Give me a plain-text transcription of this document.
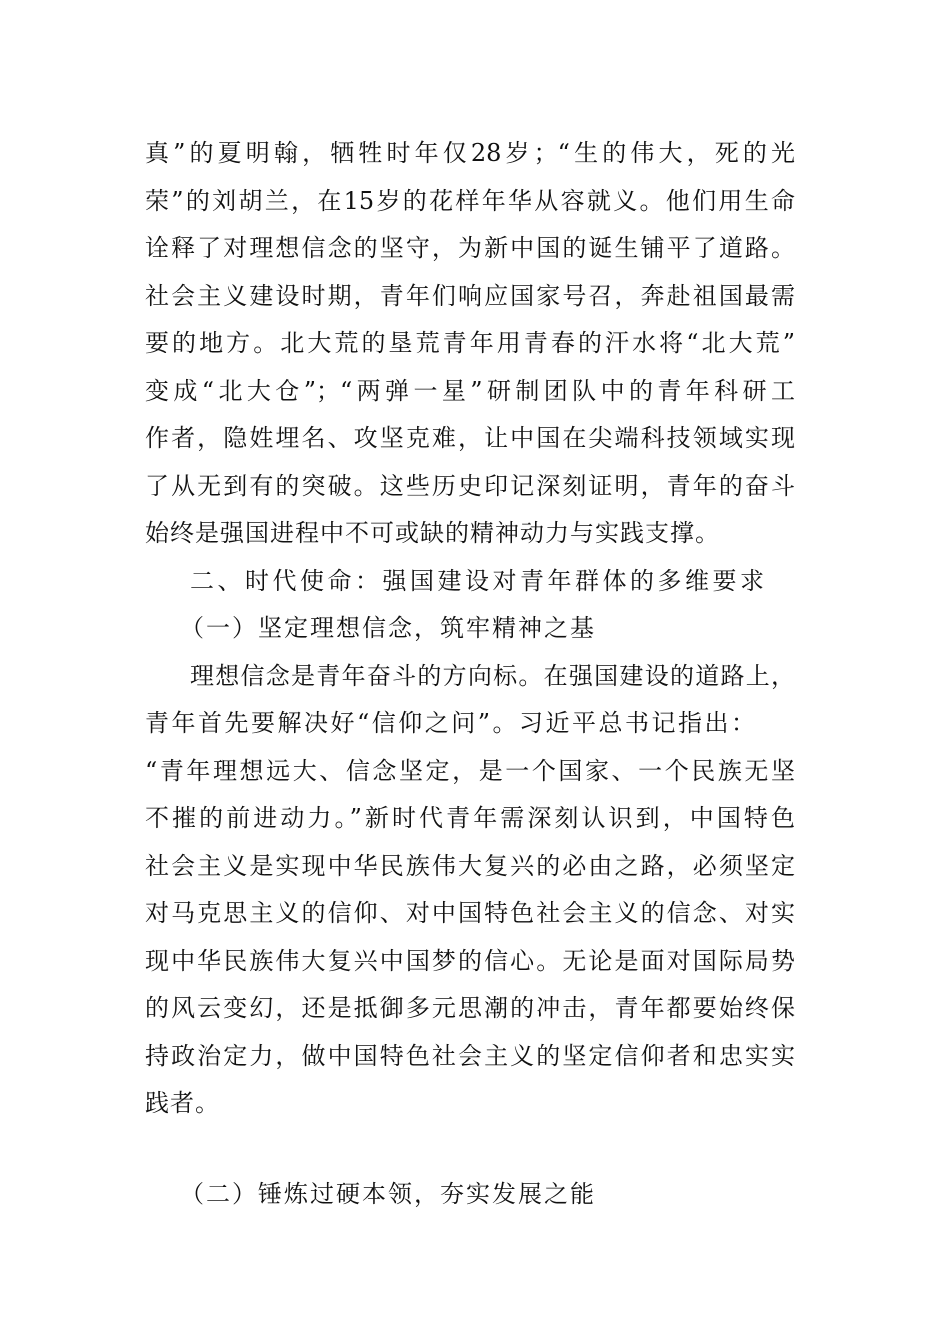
真”的夏明翰，牺牲时年仅28岁；“生的伟大，死的光
荣”的刘胡兰，在15岁的花样年华从容就义。他们用生命
诠释了对理想信念的坚守，为新中国的诞生铺平了道路。
社会主义建设时期，青年们响应国家号召，奔赴祖国最需
要的地方。北大荒的垦荒青年用青春的汗水将“北大荒”
变成“北大仓”；“两弹一星”研制团队中的青年科研工
作者，隐姓埋名、攻坚克难，让中国在尖端科技领域实现
了从无到有的突破。这些历史印记深刻证明，青年的奋斗
始终是强国进程中不可或缺的精神动力与实践支撑。
二、时代使命：强国建设对青年群体的多维要求
（一）坚定理想信念，筑牢精神之基
理想信念是青年奋斗的方向标。在强国建设的道路上，
青年首先要解决好“信仰之问”。习近平总书记指出：
“青年理想远大、信念坚定，是一个国家、一个民族无坚
不摧的前进动力。”新时代青年需深刻认识到，中国特色
社会主义是实现中华民族伟大复兴的必由之路，必须坚定
对马克思主义的信仰、对中国特色社会主义的信念、对实
现中华民族伟大复兴中国梦的信心。无论是面对国际局势
的风云变幻，还是抵御多元思潮的冲击，青年都要始终保
持政治定力，做中国特色社会主义的坚定信仰者和忠实实
践者。
（二）锤炼过硬本领，夯实发展之能
